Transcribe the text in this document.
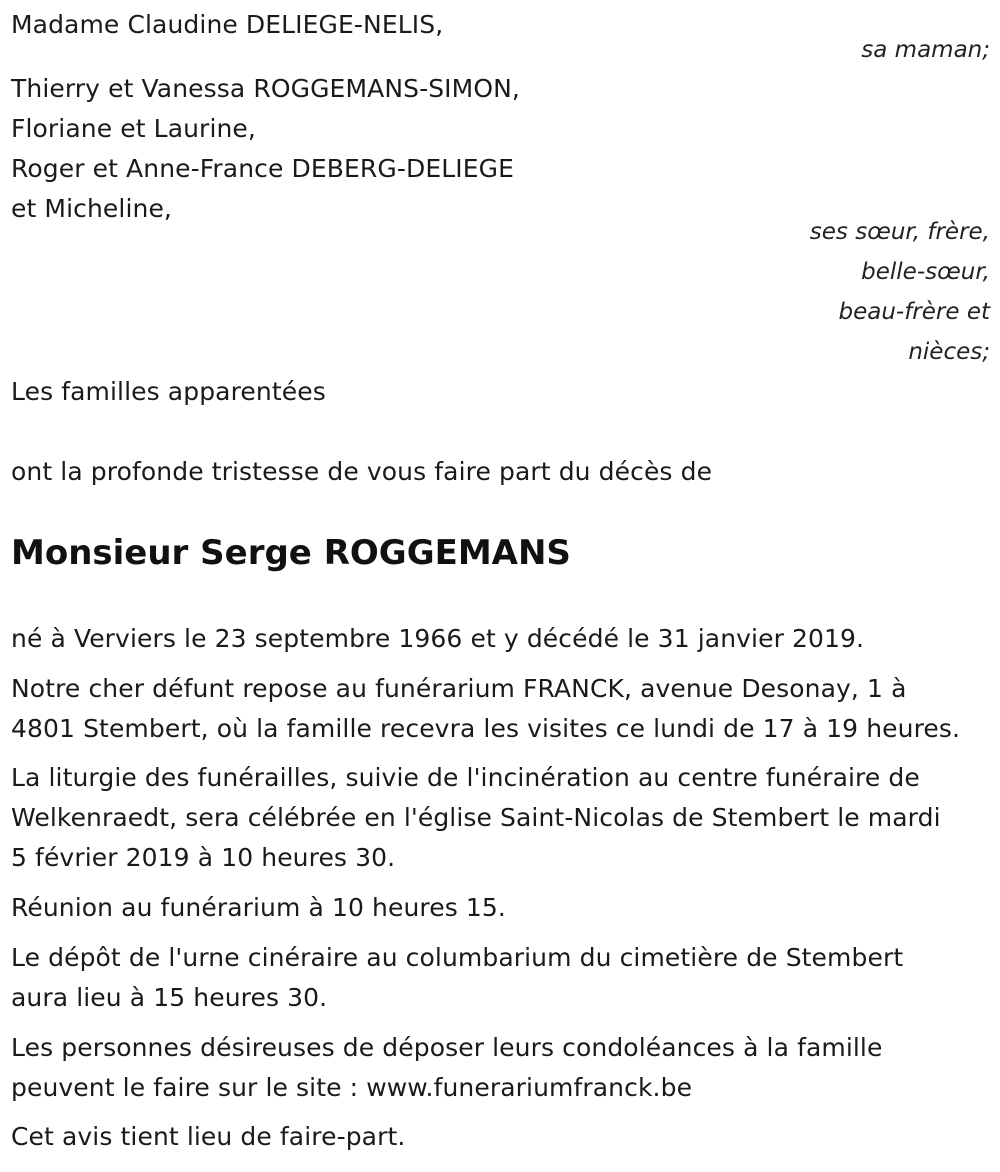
Madame Claudine DELIEGE-NELIS,
sa maman;
Thierry et Vanessa ROGGEMANS-SIMON,
Floriane et Laurine,
Roger et Anne-France DEBERG-DELIEGE
et Micheline,
ses sœur, frère,
belle-sœur,
beau-frère et
nièces;
Les familles apparentées
ont la profonde tristesse de vous faire part du décès de
Monsieur Serge ROGGEMANS
né à Verviers le 23 septembre 1966 et y décédé le 31 janvier 2019.
Notre cher défunt repose au funérarium FRANCK, avenue Desonay, 1 à
4801 Stembert, où la famille recevra les visites ce lundi de 17 à 19 heures.
La liturgie des funérailles, suivie de l'incinération au centre funéraire de
Welkenraedt, sera célébrée en l'église Saint-Nicolas de Stembert le mardi
5 février 2019 à 10 heures 30.
Réunion au funérarium à 10 heures 15.
Le dépôt de l'urne cinéraire au columbarium du cimetière de Stembert
aura lieu à 15 heures 30.
Les personnes désireuses de déposer leurs condoléances à la famille
peuvent le faire sur le site : www.funerariumfranck.be
Cet avis tient lieu de faire-part.
